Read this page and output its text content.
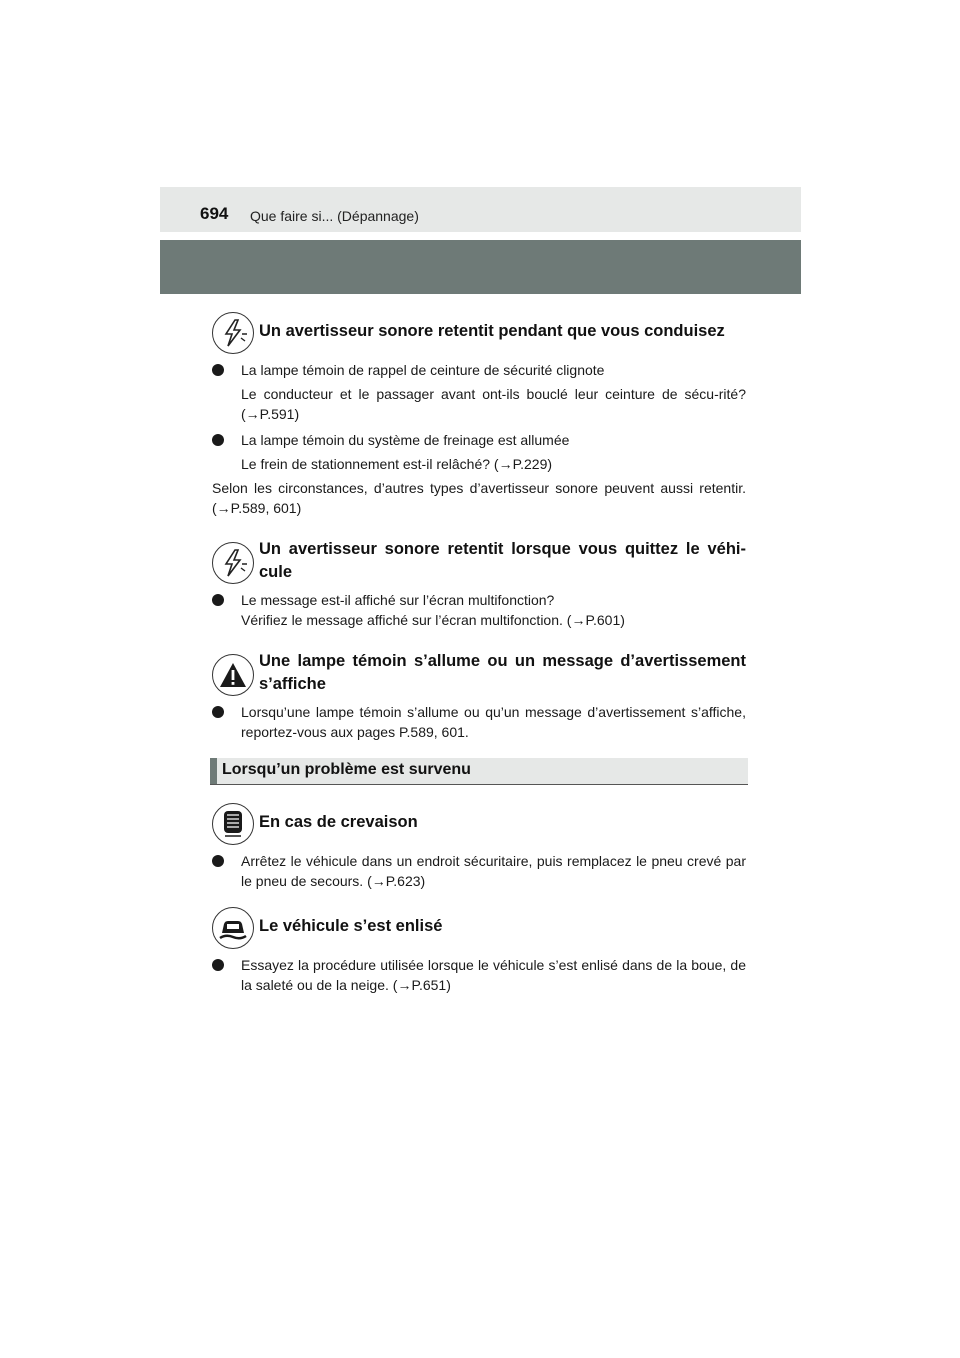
694 Que faire si... (Dépannage)
Un avertisseur sonore retentit pendant que vous conduisez

La lampe témoin de rappel de ceinture de sécurité clignote

Le conducteur et le passager avant ont-ils bouclé leur ceinture de sécu-rité? (→P.591)

La lampe témoin du système de freinage est allumée

Le frein de stationnement est-il relâché? (→P.229)

Selon les circonstances, d’autres types d’avertisseur sonore peuvent aussi retentir. (→P.589, 601)
Un avertisseur sonore retentit lorsque vous quittez le véhi-cule

Le message est-il affiché sur l’écran multifonction?

Vérifiez le message affiché sur l’écran multifonction. (→P.601)

Une lampe témoin s’allume ou un message d’avertissement s’affiche

Lorsqu’une lampe témoin s’allume ou qu’un message d’avertissement s’affiche, reportez-vous aux pages P.589, 601.

Lorsqu’un problème est survenu
En cas de crevaison

Arrêtez le véhicule dans un endroit sécuritaire, puis remplacez le pneu crevé par le pneu de secours. (→P.623)

Le véhicule s’est enlisé

Essayez la procédure utilisée lorsque le véhicule s’est enlisé dans de la boue, de la saleté ou de la neige. (→P.651)
